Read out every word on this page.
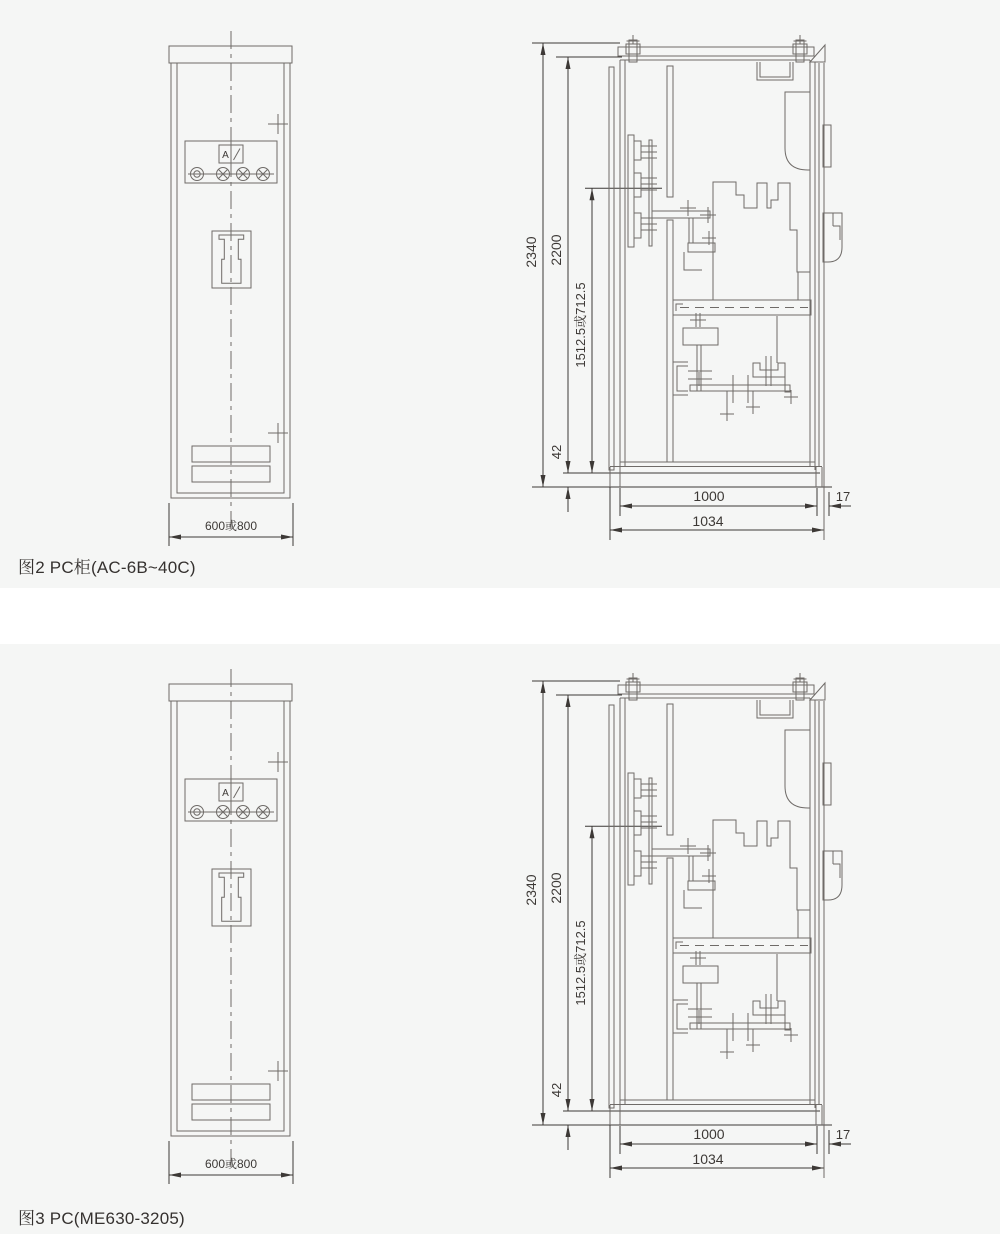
A
600或800
2340 2200
1512.5或712.5
42
1000	17
1034
A
600或800
2340 2200
1512.5或712.5
42
1000	17
1034
图2 PC柜(AC-6B~40C)
图3 PC(ME630-3205)
